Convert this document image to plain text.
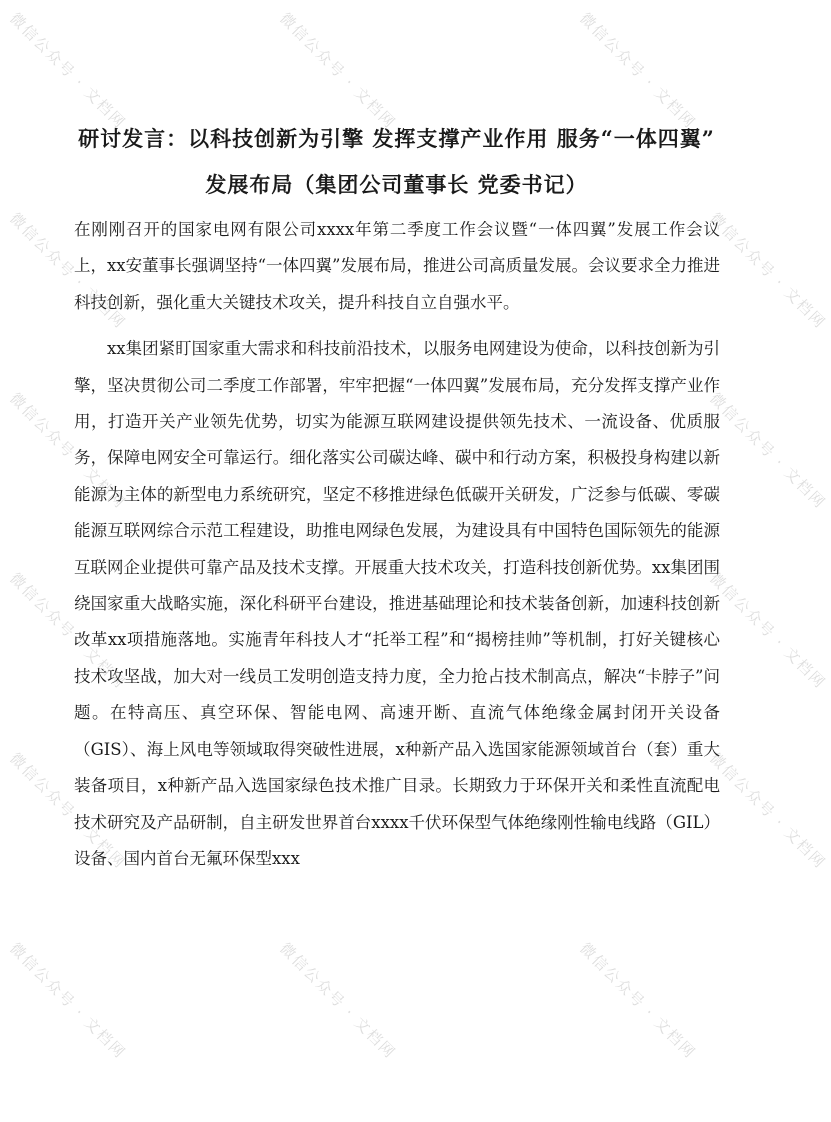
研讨发言：以科技创新为引擎 发挥支撑产业作用 服务“一体四翼”
发展布局（集团公司董事长 党委书记）

在刚刚召开的国家电网有限公司xxxx年第二季度工作会议暨“一体四翼”发展工作会议上，xx安董事长强调坚持“一体四翼”发展布局，推进公司高质量发展。会议要求全力推进科技创新，强化重大关键技术攻关，提升科技自立自强水平。

xx集团紧盯国家重大需求和科技前沿技术，以服务电网建设为使命，以科技创新为引擎，坚决贯彻公司二季度工作部署，牢牢把握“一体四翼”发展布局，充分发挥支撑产业作用，打造开关产业领先优势，切实为能源互联网建设提供领先技术、一流设备、优质服务，保障电网安全可靠运行。细化落实公司碳达峰、碳中和行动方案，积极投身构建以新能源为主体的新型电力系统研究，坚定不移推进绿色低碳开关研发，广泛参与低碳、零碳能源互联网综合示范工程建设，助推电网绿色发展，为建设具有中国特色国际领先的能源互联网企业提供可靠产品及技术支撑。开展重大技术攻关，打造科技创新优势。xx集团围绕国家重大战略实施，深化科研平台建设，推进基础理论和技术装备创新，加速科技创新改革xx项措施落地。实施青年科技人才“托举工程”和“揭榜挂帅”等机制，打好关键核心技术攻坚战，加大对一线员工发明创造支持力度，全力抢占技术制高点，解决“卡脖子”问题。在特高压、真空环保、智能电网、高速开断、直流气体绝缘金属封闭开关设备（GIS）、海上风电等领域取得突破性进展，x种新产品入选国家能源领域首台（套）重大装备项目，x种新产品入选国家绿色技术推广目录。长期致力于环保开关和柔性直流配电技术研究及产品研制，自主研发世界首台xxxx千伏环保型气体绝缘刚性输电线路（GIL）设备、国内首台无氟环保型xxx

微信公众号 · 文档网	微信公众号 · 文档网	微信公众号 · 文档网
微信公众号 · 文档网	微信公众号 · 文档网
微信公众号 · 文档网	微信公众号 · 文档网
微信公众号 · 文档网	微信公众号 · 文档网
微信公众号 · 文档网	微信公众号 · 文档网
微信公众号 · 文档网	微信公众号 · 文档网	微信公众号 · 文档网
